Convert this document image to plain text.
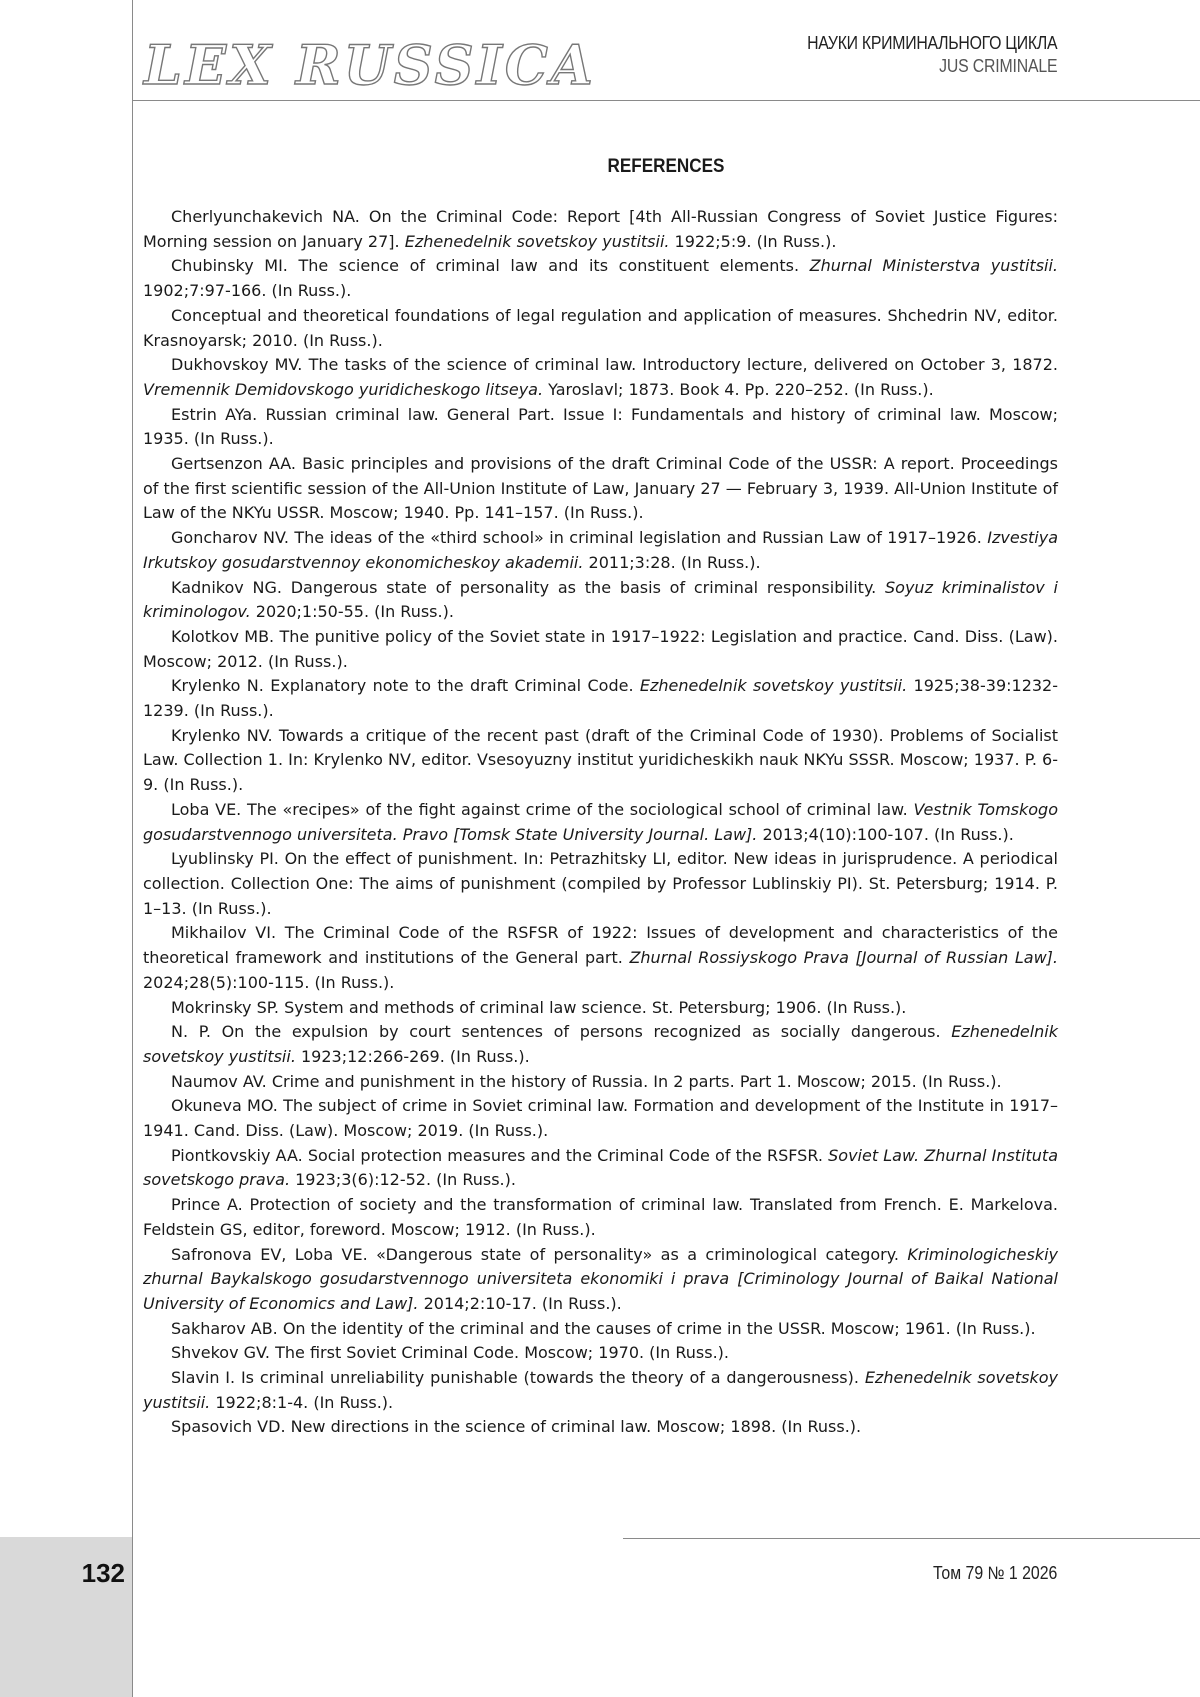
132
LEX RUSSICA	НАУКИ КРИМИНАЛЬНОГО ЦИКЛА
JUS CRIMINALE
REFERENCES

Cherlyunchakevich NA. On the Criminal Code: Report [4th All-Russian Congress of Soviet Justice Figures: Morning session on January 27]. Ezhenedelnik sovetskoy yustitsii. 1922;5:9. (In Russ.).

Chubinsky MI. The science of criminal law and its constituent elements. Zhurnal Ministerstva yustitsii. 1902;7:97-166. (In Russ.).

Conceptual and theoretical foundations of legal regulation and application of measures. Shchedrin NV, editor. Krasnoyarsk; 2010. (In Russ.).

Dukhovskoy MV. The tasks of the science of criminal law. Introductory lecture, delivered on October 3, 1872. Vremennik Demidovskogo yuridicheskogo litseya. Yaroslavl; 1873. Book 4. Pp. 220–252. (In Russ.).

Estrin AYa. Russian criminal law. General Part. Issue I: Fundamentals and history of criminal law. Moscow; 1935. (In Russ.).

Gertsenzon AA. Basic principles and provisions of the draft Criminal Code of the USSR: A report. Proceedings of the first scientific session of the All-Union Institute of Law, January 27 — February 3, 1939. All-Union Institute of Law of the NKYu USSR. Moscow; 1940. Pp. 141–157. (In Russ.).

Goncharov NV. The ideas of the «third school» in criminal legislation and Russian Law of 1917–1926. Izvestiya Irkutskoy gosudarstvennoy ekonomicheskoy akademii. 2011;3:28. (In Russ.).

Kadnikov NG. Dangerous state of personality as the basis of criminal responsibility. Soyuz kriminalistov i kriminologov. 2020;1:50-55. (In Russ.).

Kolotkov MB. The punitive policy of the Soviet state in 1917–1922: Legislation and practice. Cand. Diss. (Law). Moscow; 2012. (In Russ.).

Krylenko N. Explanatory note to the draft Criminal Code. Ezhenedelnik sovetskoy yustitsii. 1925;38-39:1232-1239. (In Russ.).

Krylenko NV. Towards a critique of the recent past (draft of the Criminal Code of 1930). Problems of Socialist Law. Collection 1. In: Krylenko NV, editor. Vsesoyuzny institut yuridicheskikh nauk NKYu SSSR. Moscow; 1937. P. 6-9. (In Russ.).

Loba VE. The «recipes» of the fight against crime of the sociological school of criminal law. Vestnik Tomskogo gosudarstvennogo universiteta. Pravo [Tomsk State University Journal. Law]. 2013;4(10):100-107. (In Russ.).

Lyublinsky PI. On the effect of punishment. In: Petrazhitsky LI, editor. New ideas in jurisprudence. A periodical collection. Collection One: The aims of punishment (compiled by Professor Lublinskiy PI). St. Petersburg; 1914. P. 1–13. (In Russ.).

Mikhailov VI. The Criminal Code of the RSFSR of 1922: Issues of development and characteristics of the theoretical framework and institutions of the General part. Zhurnal Rossiyskogo Prava [Journal of Russian Law]. 2024;28(5):100-115. (In Russ.).

Mokrinsky SP. System and methods of criminal law science. St. Petersburg; 1906. (In Russ.).

N. P. On the expulsion by court sentences of persons recognized as socially dangerous. Ezhenedelnik sovetskoy yustitsii. 1923;12:266-269. (In Russ.).

Naumov AV. Crime and punishment in the history of Russia. In 2 parts. Part 1. Moscow; 2015. (In Russ.).

Okuneva MO. The subject of crime in Soviet criminal law. Formation and development of the Institute in 1917–1941. Cand. Diss. (Law). Moscow; 2019. (In Russ.).

Piontkovskiy AA. Social protection measures and the Criminal Code of the RSFSR. Soviet Law. Zhurnal Instituta sovetskogo prava. 1923;3(6):12-52. (In Russ.).

Prince A. Protection of society and the transformation of criminal law. Translated from French. E. Markelova. Feldstein GS, editor, foreword. Moscow; 1912. (In Russ.).

Safronova EV, Loba VE. «Dangerous state of personality» as a criminological category. Kriminologicheskiy zhurnal Baykalskogo gosudarstvennogo universiteta ekonomiki i prava [Criminology Journal of Baikal National University of Economics and Law]. 2014;2:10-17. (In Russ.).

Sakharov AB. On the identity of the criminal and the causes of crime in the USSR. Moscow; 1961. (In Russ.).

Shvekov GV. The first Soviet Criminal Code. Moscow; 1970. (In Russ.).

Slavin I. Is criminal unreliability punishable (towards the theory of a dangerousness). Ezhenedelnik sovetskoy yustitsii. 1922;8:1-4. (In Russ.).

Spasovich VD. New directions in the science of criminal law. Moscow; 1898. (In Russ.).

Том 79 № 1 2026
